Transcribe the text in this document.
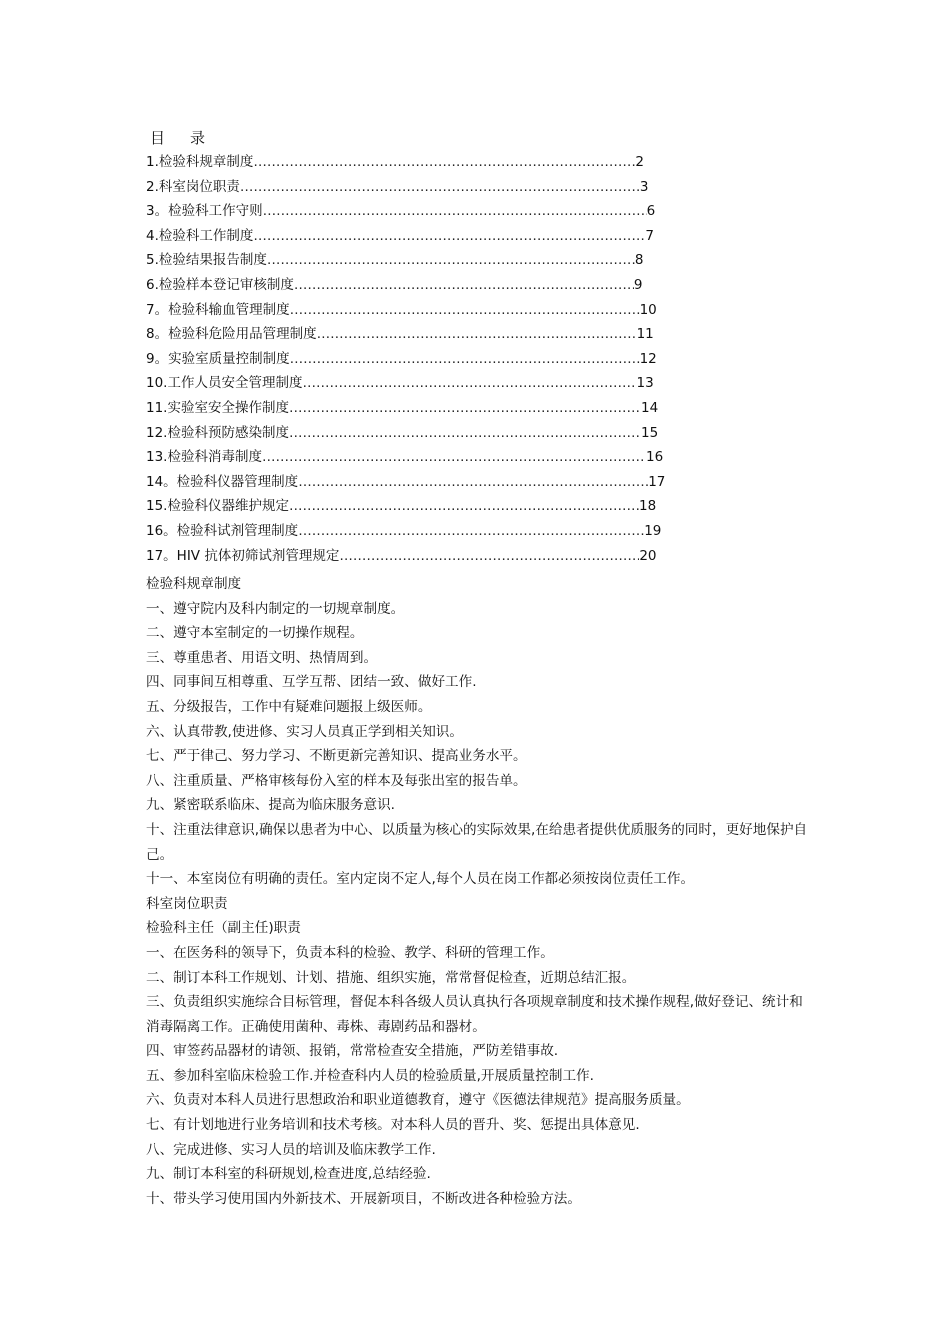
目 录
1.检验科规章制度 ……………………………………………………………………………………………………………………	2
2.科室岗位职责 ……………………………………………………………………………………………………………………	3
3。检验科工作守则 ……………………………………………………………………………………………………………………	6
4.检验科工作制度 ……………………………………………………………………………………………………………………	7
5.检验结果报告制度 ……………………………………………………………………………………………………………………	8
6.检验样本登记审核制度 ……………………………………………………………………………………………………………………	9
7。检验科输血管理制度 ……………………………………………………………………………………………………………………	10
8。检验科危险用品管理制度 ……………………………………………………………………………………………………………………	11
9。实验室质量控制制度 ……………………………………………………………………………………………………………………	12
10.工作人员安全管理制度 ……………………………………………………………………………………………………………………	13
11.实验室安全操作制度 ……………………………………………………………………………………………………………………	14
12.检验科预防感染制度 ……………………………………………………………………………………………………………………	15
13.检验科消毒制度 ……………………………………………………………………………………………………………………	16
14。检验科仪器管理制度 ……………………………………………………………………………………………………………………	17
15.检验科仪器维护规定 ……………………………………………………………………………………………………………………	18
16。检验科试剂管理制度 ……………………………………………………………………………………………………………………	19
17。HIV 抗体初筛试剂管理规定 ……………………………………………………………………………………………………………………	20
检验科规章制度
一、遵守院内及科内制定的一切规章制度。
二、遵守本室制定的一切操作规程。
三、尊重患者、用语文明、热情周到。
四、同事间互相尊重、互学互帮、团结一致、做好工作.
五、分级报告，工作中有疑难问题报上级医师。
六、认真带教,使进修、实习人员真正学到相关知识。
七、严于律己、努力学习、不断更新完善知识、提高业务水平。
八、注重质量、严格审核每份入室的样本及每张出室的报告单。
九、紧密联系临床、提高为临床服务意识.
十、注重法律意识,确保以患者为中心、以质量为核心的实际效果,在给患者提供优质服务的同时，更好地保护自己。
十一、本室岗位有明确的责任。室内定岗不定人,每个人员在岗工作都必须按岗位责任工作。
科室岗位职责
检验科主任（副主任)职责
一、在医务科的领导下，负责本科的检验、教学、科研的管理工作。
二、制订本科工作规划、计划、措施、组织实施，常常督促检查，近期总结汇报。
三、负责组织实施综合目标管理，督促本科各级人员认真执行各项规章制度和技术操作规程,做好登记、统计和消毒隔离工作。正确使用菌种、毒株、毒剧药品和器材。
四、审签药品器材的请领、报销，常常检查安全措施，严防差错事故.
五、参加科室临床检验工作.并检查科内人员的检验质量,开展质量控制工作.
六、负责对本科人员进行思想政治和职业道德教育，遵守《医德法律规范》提高服务质量。
七、有计划地进行业务培训和技术考核。对本科人员的晋升、奖、惩提出具体意见.
八、完成进修、实习人员的培训及临床教学工作.
九、制订本科室的科研规划,检查进度,总结经验.
十、带头学习使用国内外新技术、开展新项目，不断改进各种检验方法。
